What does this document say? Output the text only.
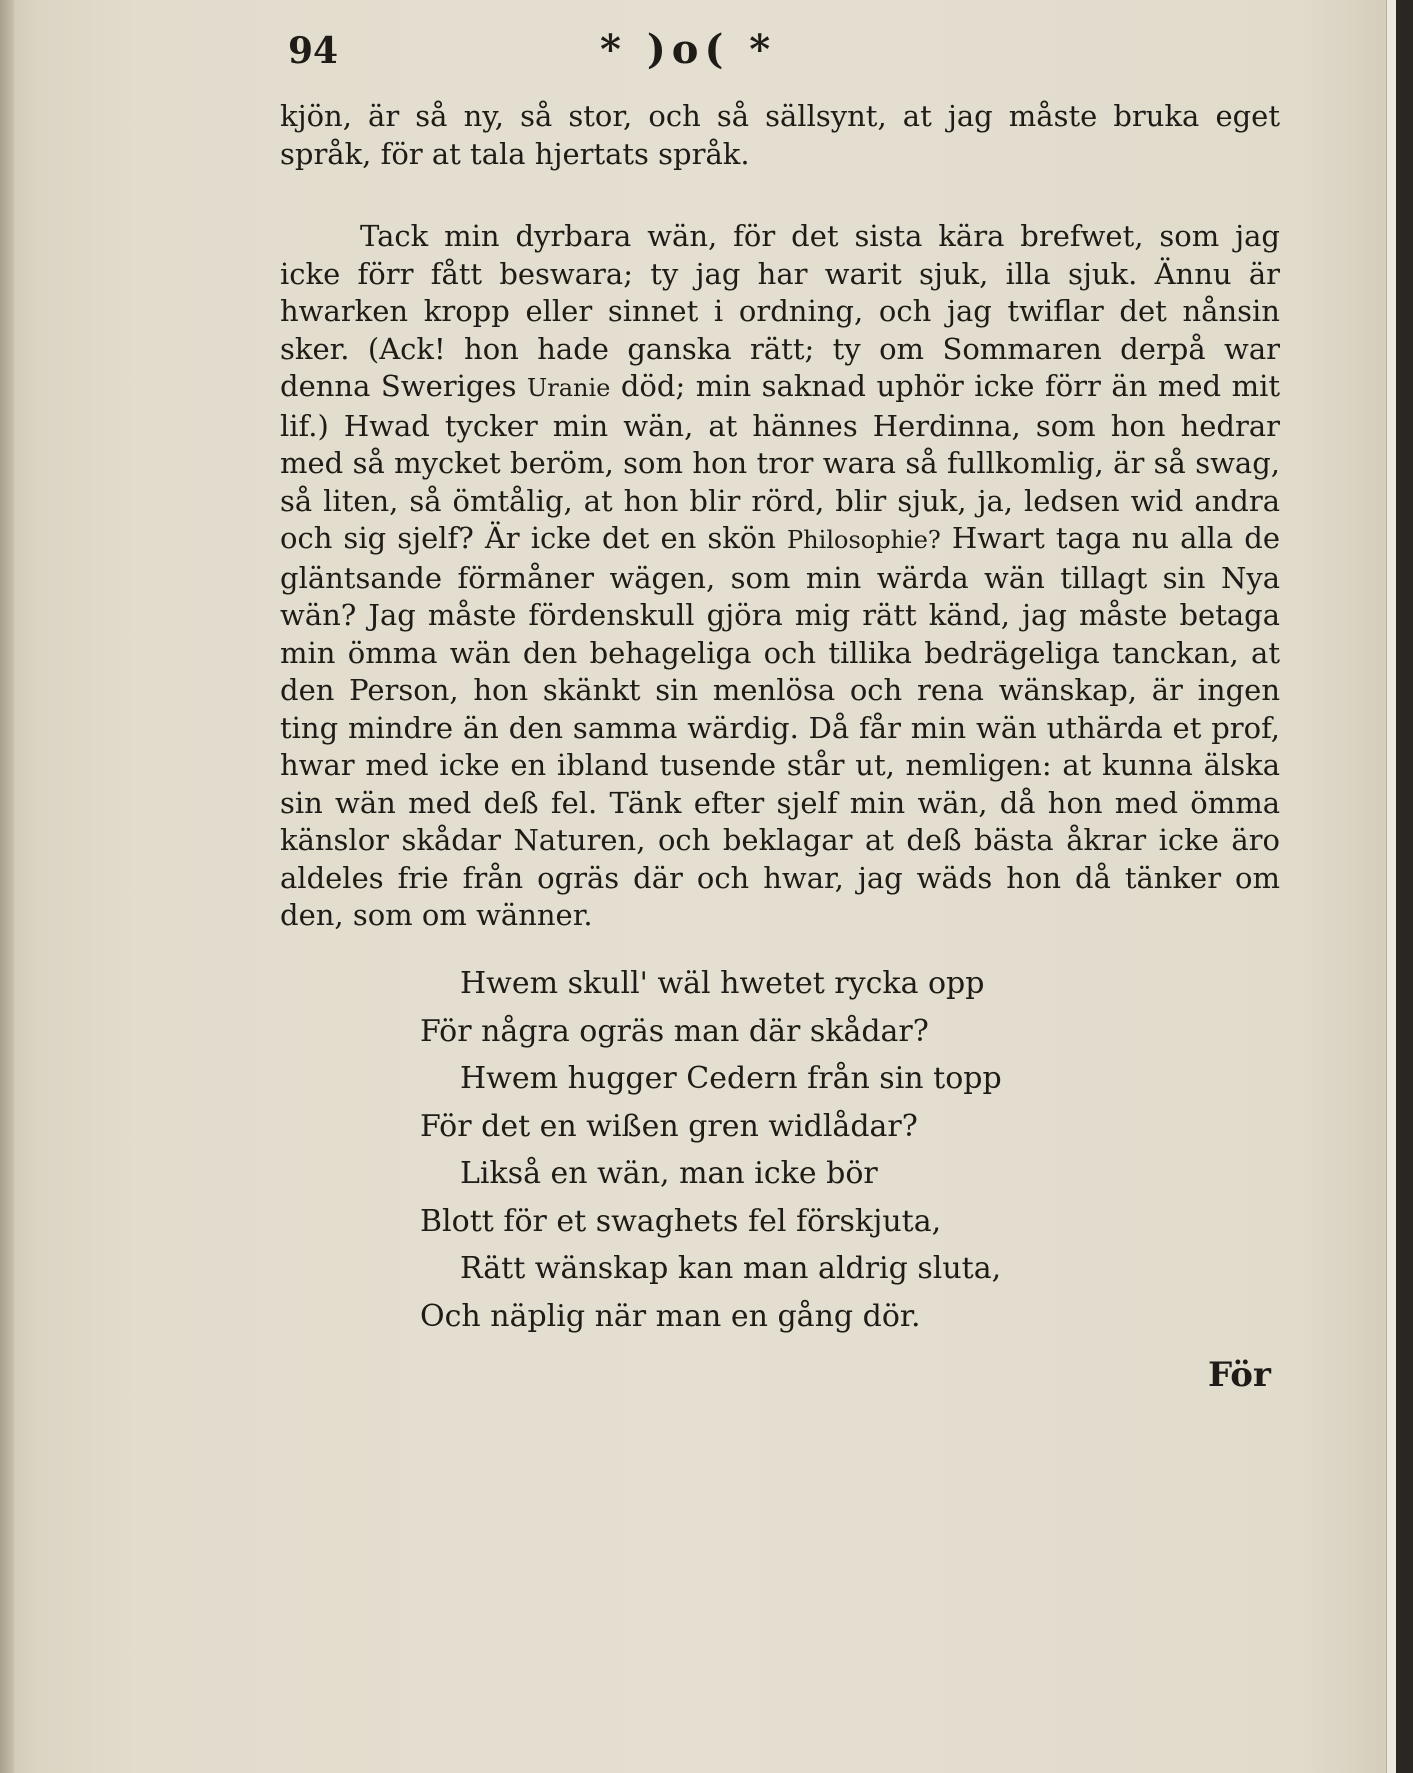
94	* )o( *

kjön, är så ny, så stor, och så sällsynt, at jag måste bruka eget språk, för at tala hjertats språk.

Tack min dyrbara wän, för det sista kära brefwet, som jag icke förr fått beswara; ty jag har warit sjuk, illa sjuk. Ännu är hwarken kropp eller sinnet i ordning, och jag twiflar det nånsin sker. (Ack! hon hade ganska rätt; ty om Sommaren derpå war denna Sweriges Uranie död; min saknad uphör icke förr än med mit lif.) Hwad tycker min wän, at hännes Herdinna, som hon hedrar med så mycket beröm, som hon tror wara så fullkomlig, är så swag, så liten, så ömtålig, at hon blir rörd, blir sjuk, ja, ledsen wid andra och sig sjelf? Är icke det en skön Philosophie? Hwart taga nu alla de gläntsande förmåner wägen, som min wärda wän tillagt sin Nya wän? Jag måste fördenskull gjöra mig rätt känd, jag måste betaga min ömma wän den behageliga och tillika bedrägeliga tanckan, at den Person, hon skänkt sin menlösa och rena wänskap, är ingen ting mindre än den samma wärdig. Då får min wän uthärda et prof, hwar med icke en ibland tusende står ut, nemligen: at kunna älska sin wän med deß fel. Tänk efter sjelf min wän, då hon med ömma känslor skådar Naturen, och beklagar at deß bästa åkrar icke äro aldeles frie från ogräs där och hwar, jag wäds hon då tänker om den, som om wänner.

Hwem skull' wäl hwetet rycka opp
För några ogräs man där skådar?
Hwem hugger Cedern från sin topp
För det en wißen gren widlådar?
Likså en wän, man icke bör
Blott för et swaghets fel förskjuta,
Rätt wänskap kan man aldrig sluta,
Och näplig när man en gång dör.
För
